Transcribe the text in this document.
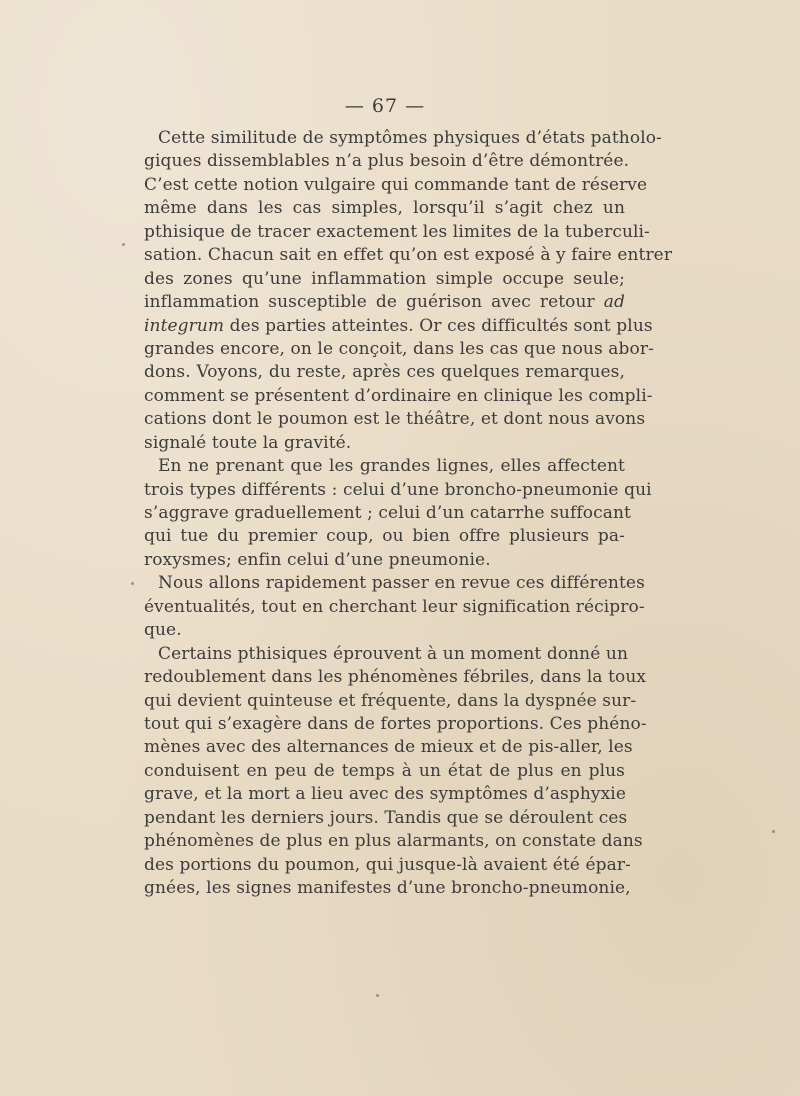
— 67 —
Cette similitude de symptômes physiques d’états patholo-
giques dissemblables n’a plus besoin d’être démontrée.
C’est cette notion vulgaire qui commande tant de réserve
même dans les cas simples, lorsqu’il s’agit chez un
pthisique de tracer exactement les limites de la tuberculi-
sation. Chacun sait en effet qu’on est exposé à y faire entrer
des zones qu’une inflammation simple occupe seule;
inflammation susceptible de guérison avec retour ad
integrum des parties atteintes. Or ces difficultés sont plus
grandes encore, on le conçoit, dans les cas que nous abor-
dons. Voyons, du reste, après ces quelques remarques,
comment se présentent d’ordinaire en clinique les compli-
cations dont le poumon est le théâtre, et dont nous avons
signalé toute la gravité.
En ne prenant que les grandes lignes, elles affectent
trois types différents : celui d’une broncho-pneumonie qui
s’aggrave graduellement ; celui d’un catarrhe suffocant
qui tue du premier coup, ou bien offre plusieurs pa-
roxysmes; enfin celui d’une pneumonie.
Nous allons rapidement passer en revue ces différentes
éventualités, tout en cherchant leur signification récipro-
que.
Certains pthisiques éprouvent à un moment donné un
redoublement dans les phénomènes fébriles, dans la toux
qui devient quinteuse et fréquente, dans la dyspnée sur-
tout qui s’exagère dans de fortes proportions. Ces phéno-
mènes avec des alternances de mieux et de pis-aller, les
conduisent en peu de temps à un état de plus en plus
grave, et la mort a lieu avec des symptômes d’asphyxie
pendant les derniers jours. Tandis que se déroulent ces
phénomènes de plus en plus alarmants, on constate dans
des portions du poumon, qui jusque-là avaient été épar-
gnées, les signes manifestes d’une broncho-pneumonie,
